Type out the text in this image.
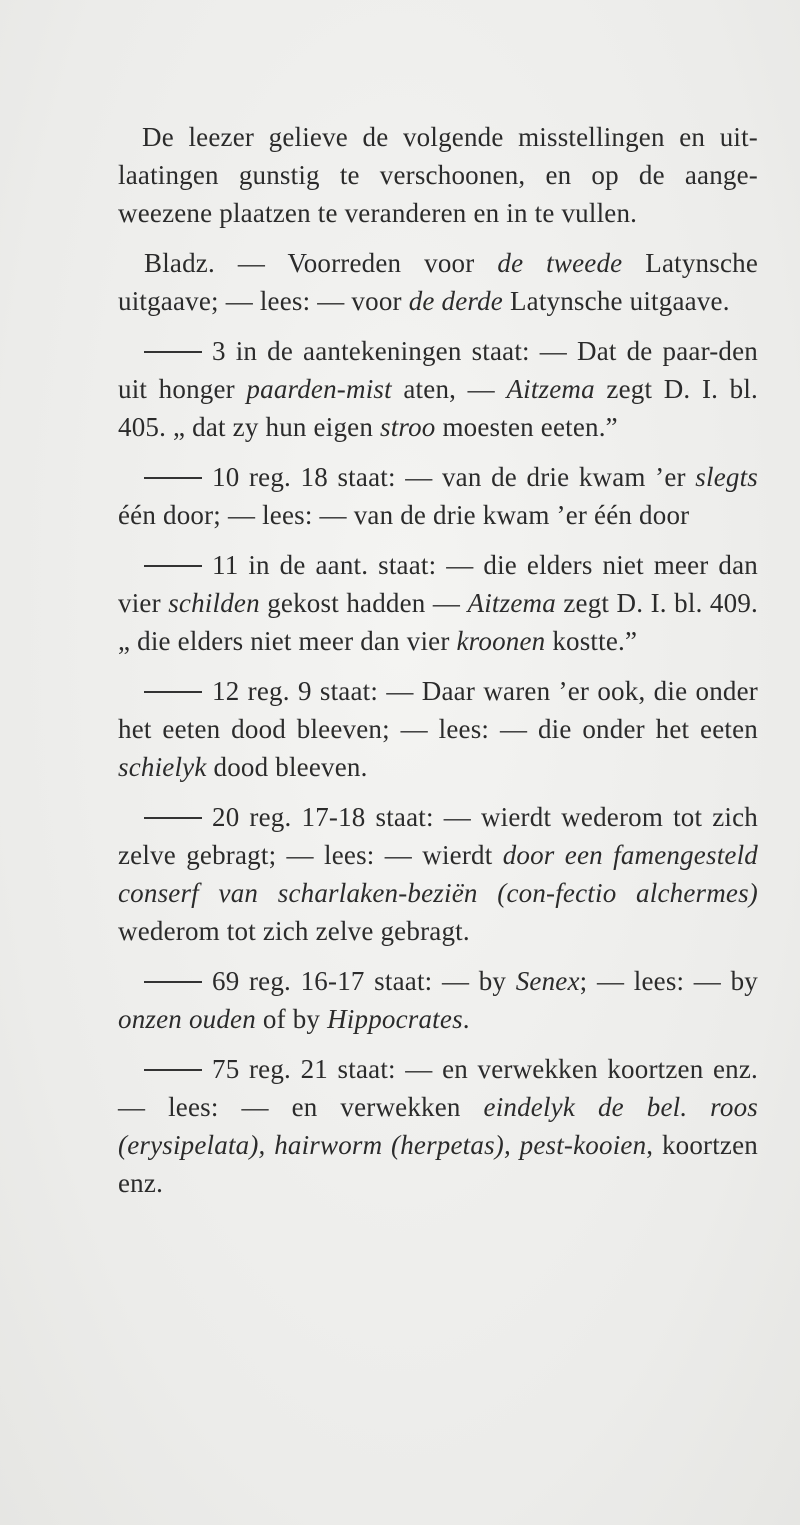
De leezer gelieve de volgende misstellingen en uit-laatingen gunstig te verschoonen, en op de aange-weezene plaatzen te veranderen en in te vullen.

Bladz. — Voorreden voor de tweede Latynsche uitgaave; — lees: — voor de derde Latynsche uitgaave.

3 in de aantekeningen staat: — Dat de paar-den uit honger paarden-mist aten, — Aitzema zegt D. I. bl. 405. „ dat zy hun eigen stroo moesten eeten.”

10 reg. 18 staat: — van de drie kwam ’er slegts één door; — lees: — van de drie kwam ’er één door

11 in de aant. staat: — die elders niet meer dan vier schilden gekost hadden — Aitzema zegt D. I. bl. 409. „ die elders niet meer dan vier kroonen kostte.”

12 reg. 9 staat: — Daar waren ’er ook, die onder het eeten dood bleeven; — lees: — die onder het eeten schielyk dood bleeven.

20 reg. 17-18 staat: — wierdt wederom tot zich zelve gebragt; — lees: — wierdt door een famengesteld conserf van scharlaken-beziën (con-fectio alchermes) wederom tot zich zelve gebragt.

69 reg. 16-17 staat: — by Senex; — lees: — by onzen ouden of by Hippocrates.

75 reg. 21 staat: — en verwekken koortzen enz. — lees: — en verwekken eindelyk de bel. roos (erysipelata), hairworm (herpetas), pest-kooien, koortzen enz.
